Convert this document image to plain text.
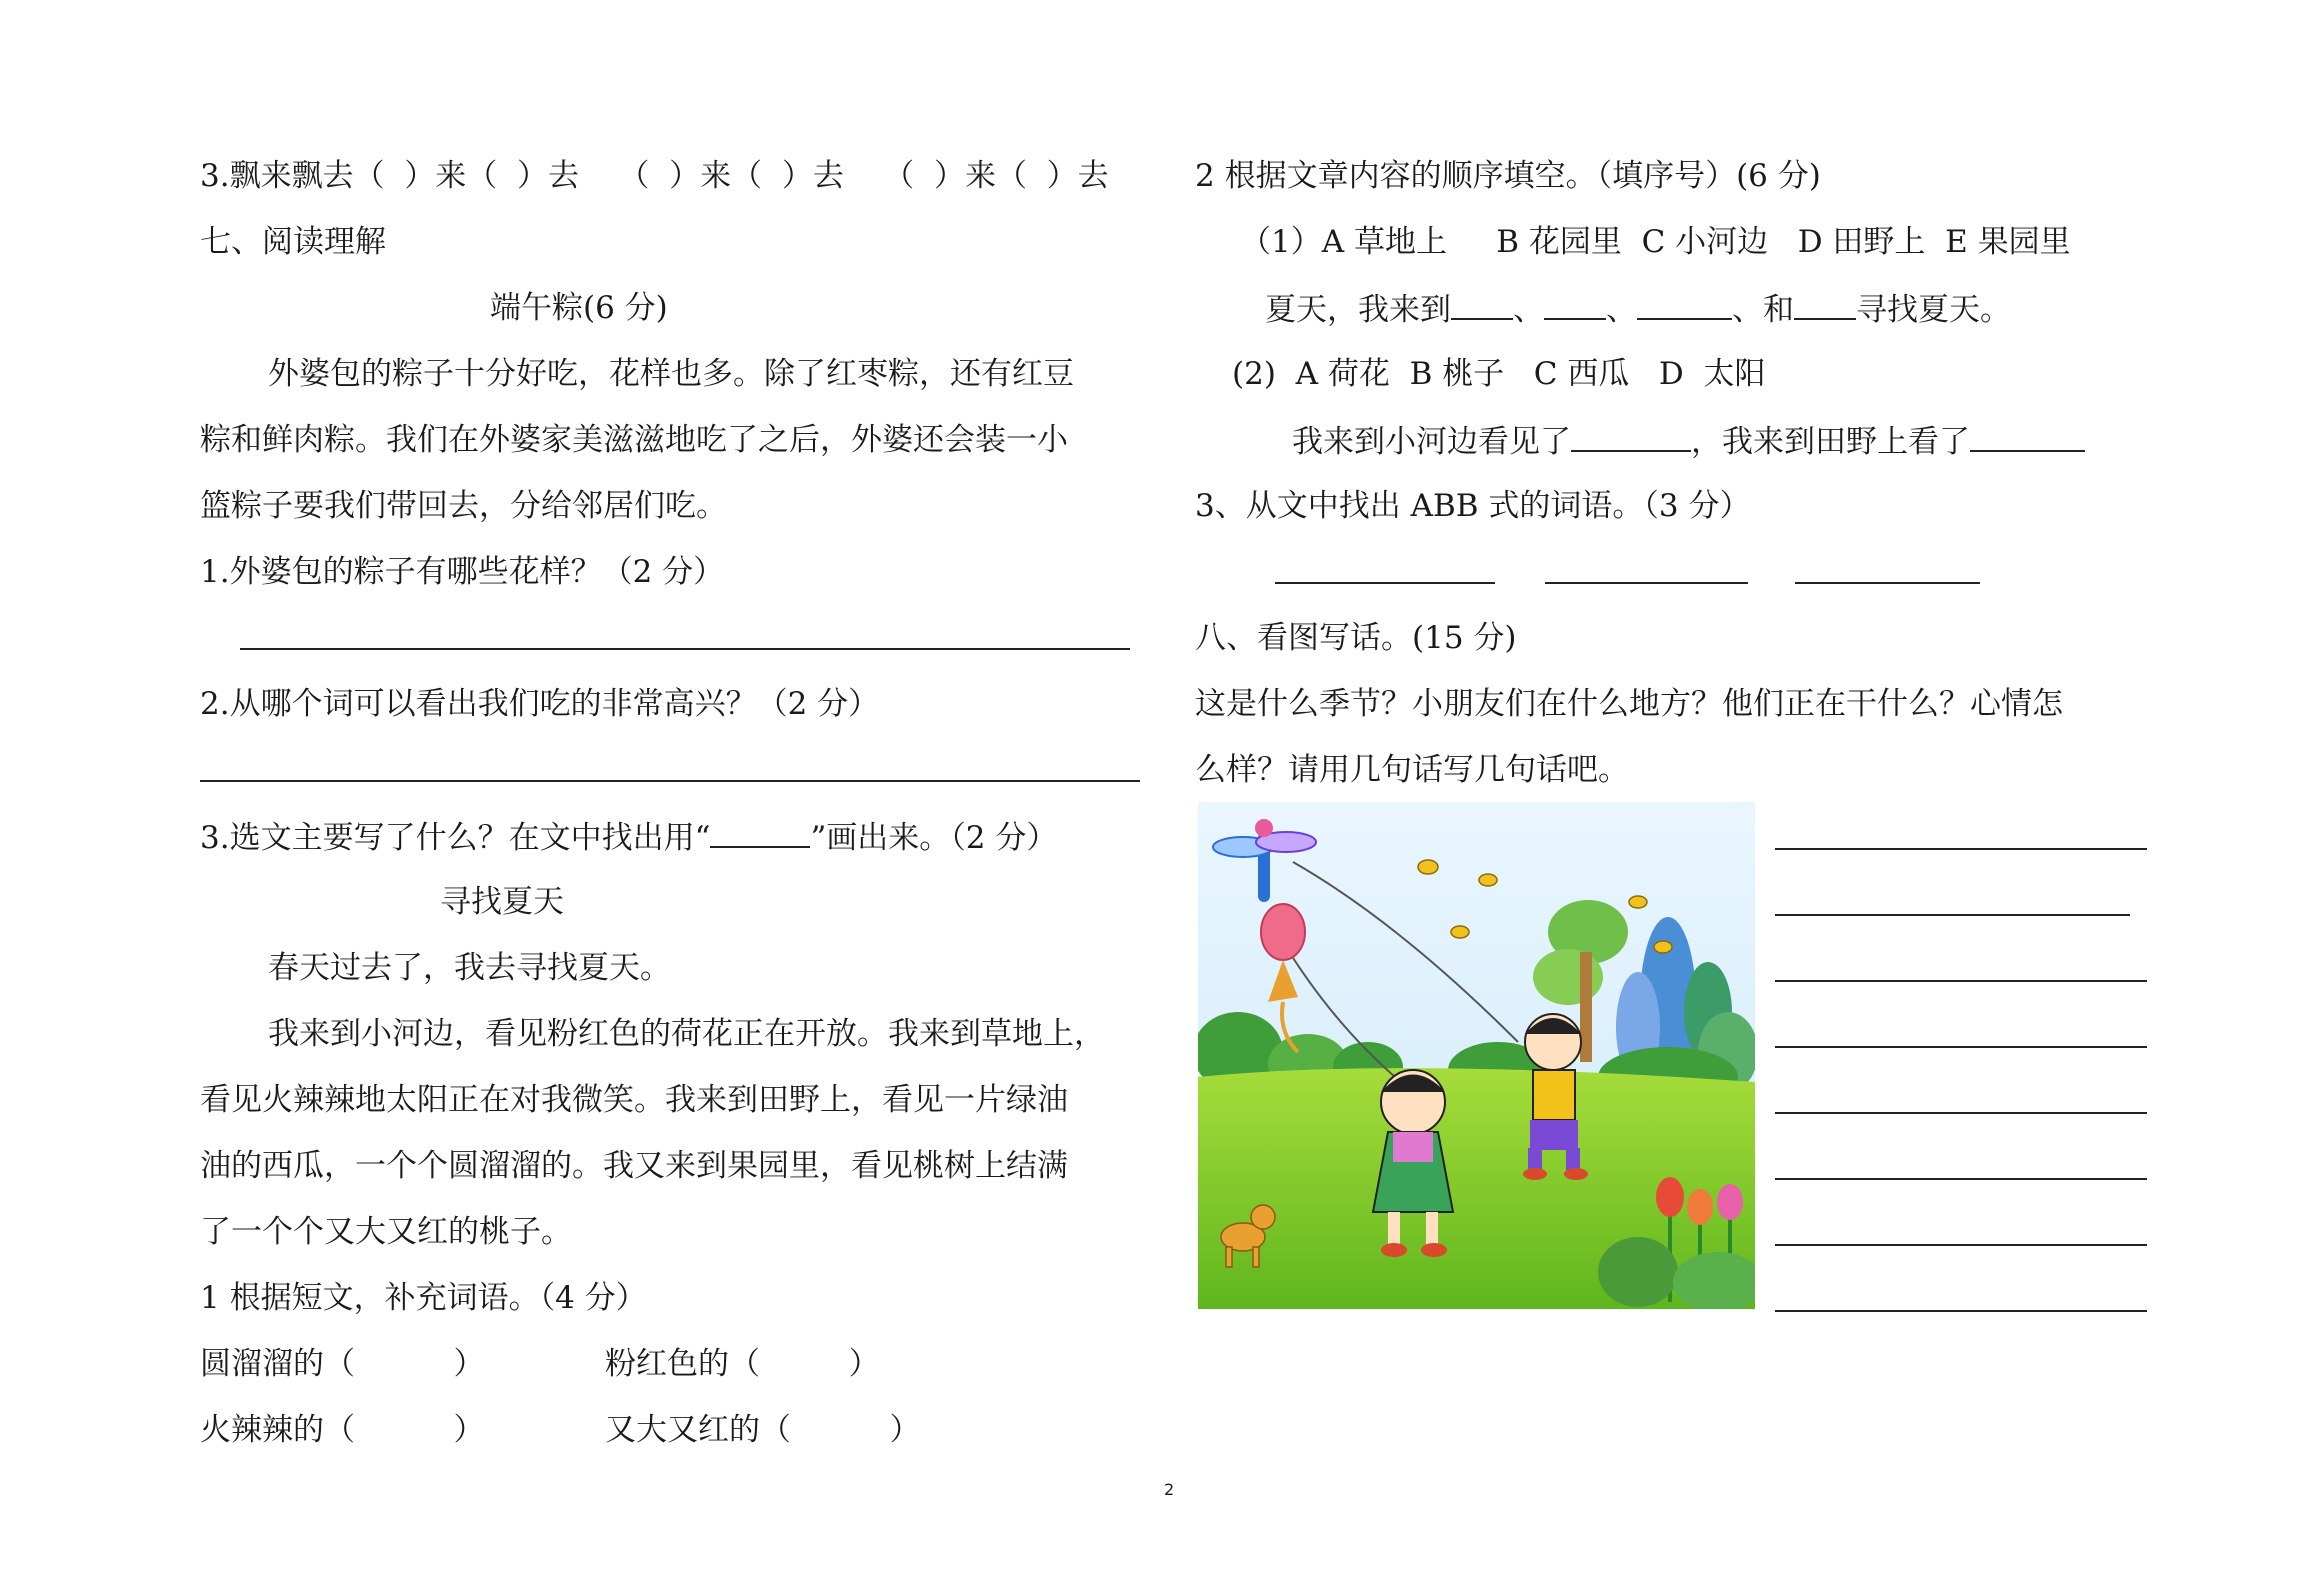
3.飘来飘去（  ）来（  ）去    （  ）来（  ）去    （  ）来（  ）去
七、阅读理解
端午粽(6 分)
外婆包的粽子十分好吃，花样也多。除了红枣粽，还有红豆
粽和鲜肉粽。我们在外婆家美滋滋地吃了之后，外婆还会装一小
篮粽子要我们带回去，分给邻居们吃。
1.外婆包的粽子有哪些花样？（2 分）
2.从哪个词可以看出我们吃的非常高兴？（2 分）
3.选文主要写了什么？在文中找出用“	”画出来。（2 分）
寻找夏天
春天过去了，我去寻找夏天。
我来到小河边，看见粉红色的荷花正在开放。我来到草地上，
看见火辣辣地太阳正在对我微笑。我来到田野上，看见一片绿油
油的西瓜，一个个圆溜溜的。我又来到果园里，看见桃树上结满
了一个个又大又红的桃子。
1 根据短文，补充词语。（4 分）
圆溜溜的（          ）	粉红色的（         ）
火辣辣的（          ）	又大又红的（          ）
2 根据文章内容的顺序填空。（填序号）(6 分)
（1）A 草地上     B 花园里  C 小河边   D 田野上  E 果园里
夏天，我来到 、 、	、和 寻找夏天。
(2)  A 荷花  B 桃子   C 西瓜   D  太阳
我来到小河边看见了	，我来到田野上看了
3、从文中找出 ABB 式的词语。（3 分）
八、看图写话。(15 分)
这是什么季节？小朋友们在什么地方？他们正在干什么？心情怎
么样？请用几句话写几句话吧。
2
